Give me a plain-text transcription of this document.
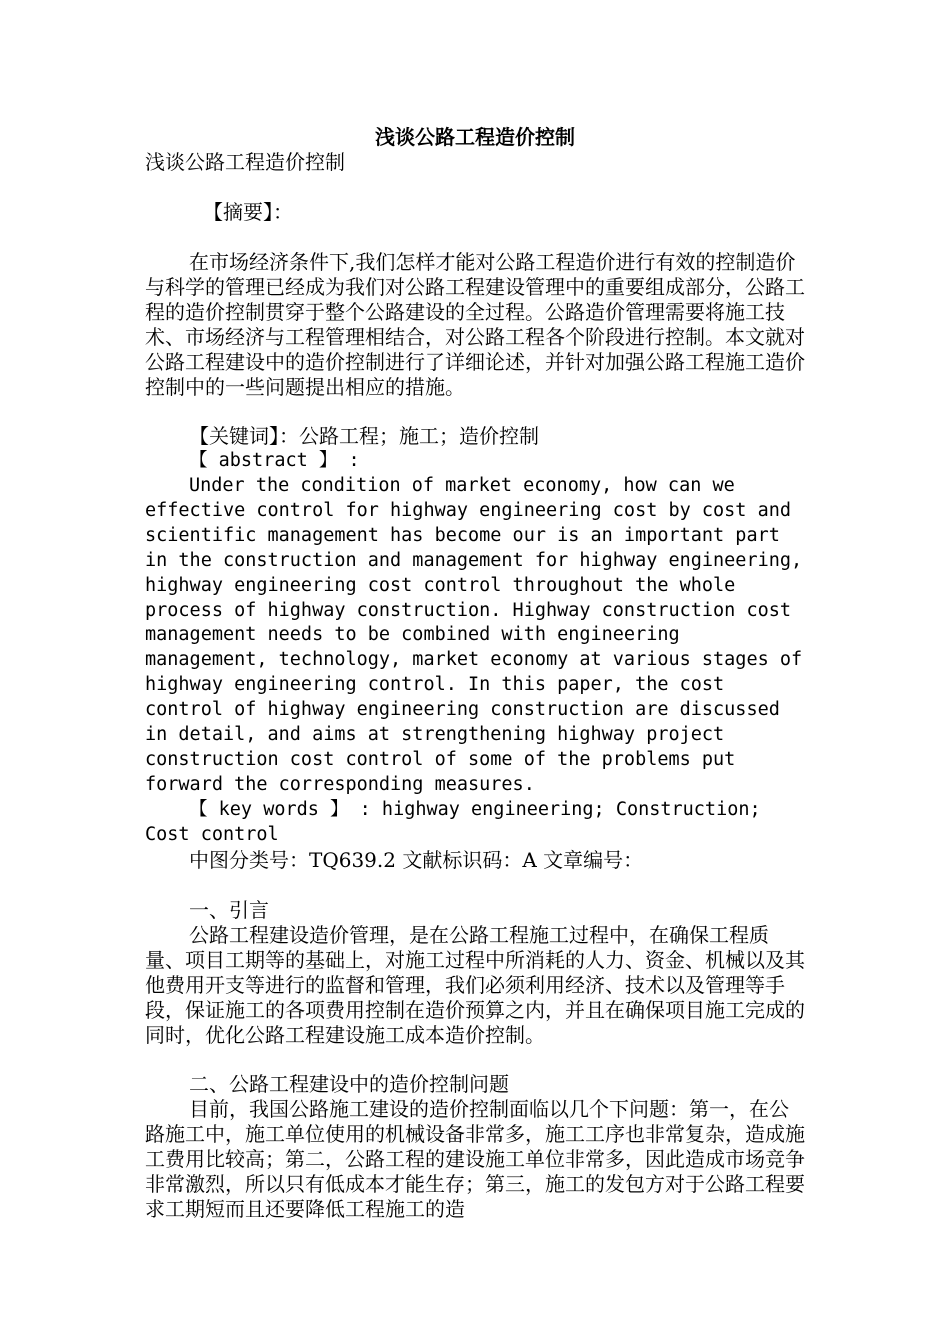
浅谈公路工程造价控制

浅谈公路工程造价控制

【摘要】：

在市场经济条件下,我们怎样才能对公路工程造价进行有效的控制造价与科学的管理已经成为我们对公路工程建设管理中的重要组成部分，公路工程的造价控制贯穿于整个公路建设的全过程。公路造价管理需要将施工技术、市场经济与工程管理相结合，对公路工程各个阶段进行控制。本文就对公路工程建设中的造价控制进行了详细论述，并针对加强公路工程施工造价控制中的一些问题提出相应的措施。

【关键词】：公路工程；施工；造价控制

【 abstract 】 :

Under the condition of market economy, how can we effective control for highway engineering cost by cost and scientific management has become our is an important part in the construction and management for highway engineering, highway engineering cost control throughout the whole process of highway construction. Highway construction cost management needs to be combined with engineering management, technology, market economy at various stages of highway engineering control. In this paper, the cost control of highway engineering construction are discussed in detail, and aims at strengthening highway project construction cost control of some of the problems put forward the corresponding measures.

【 key words 】 : highway engineering; Construction; Cost control

中图分类号：TQ639.2 文献标识码：A 文章编号：

一、引言

公路工程建设造价管理，是在公路工程施工过程中，在确保工程质量、项目工期等的基础上，对施工过程中所消耗的人力、资金、机械以及其他费用开支等进行的监督和管理，我们必须利用经济、技术以及管理等手段，保证施工的各项费用控制在造价预算之内，并且在确保项目施工完成的同时，优化公路工程建设施工成本造价控制。

二、公路工程建设中的造价控制问题

目前，我国公路施工建设的造价控制面临以几个下问题：第一，在公路施工中，施工单位使用的机械设备非常多，施工工序也非常复杂，造成施工费用比较高；第二，公路工程的建设施工单位非常多，因此造成市场竞争非常激烈，所以只有低成本才能生存；第三，施工的发包方对于公路工程要求工期短而且还要降低工程施工的造
